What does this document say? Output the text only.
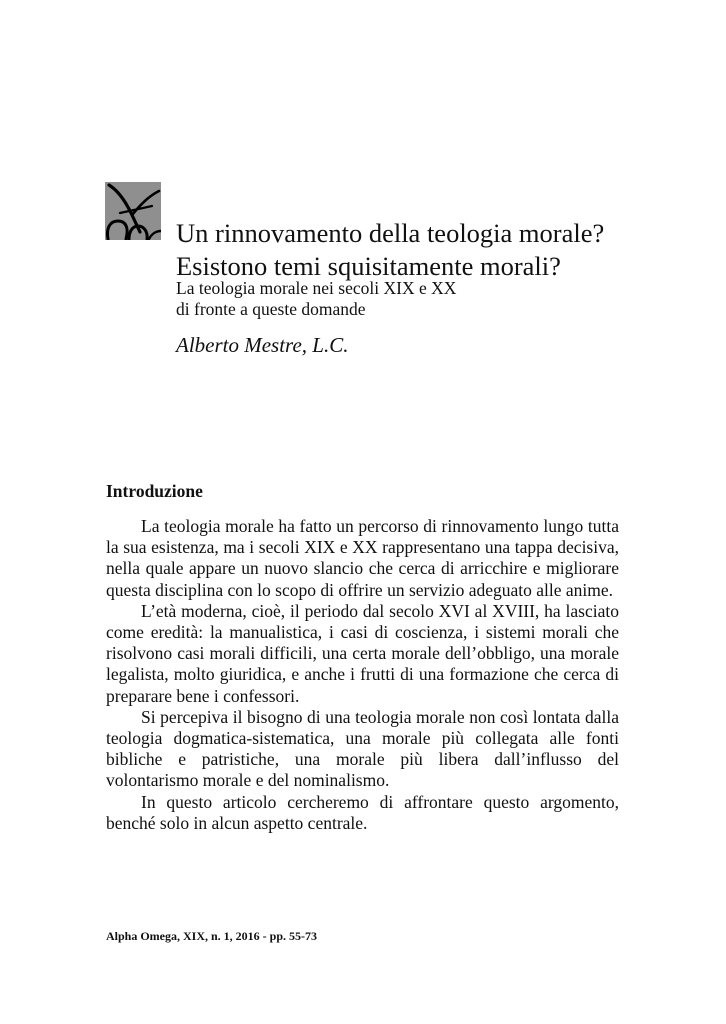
Un rinnovamento della teologia morale?
Esistono temi squisitamente morali?
La teologia morale nei secoli XIX e XX
di fronte a queste domande

Alberto Mestre, L.C.

Introduzione

La teologia morale ha fatto un percorso di rinnovamento lungo tutta la sua esistenza, ma i secoli XIX e XX rappresentano una tappa decisiva, nella quale appare un nuovo slancio che cerca di arricchire e migliorare questa disciplina con lo scopo di offrire un servizio adeguato alle anime.

L’età moderna, cioè, il periodo dal secolo XVI al XVIII, ha lasciato come eredità: la manualistica, i casi di coscienza, i sistemi morali che risolvono casi morali difficili, una certa morale dell’obbligo, una morale legalista, molto giuridica, e anche i frutti di una formazione che cerca di preparare bene i confessori.

Si percepiva il bisogno di una teologia morale non così lontata dalla teologia dogmatica-sistematica, una morale più collegata alle fonti bibliche e patristiche, una morale più libera dall’influsso del volontarismo morale e del nominalismo.

In questo articolo cercheremo di affrontare questo argomento, benché solo in alcun aspetto centrale.

Alpha Omega, XIX, n. 1, 2016 - pp. 55-73
